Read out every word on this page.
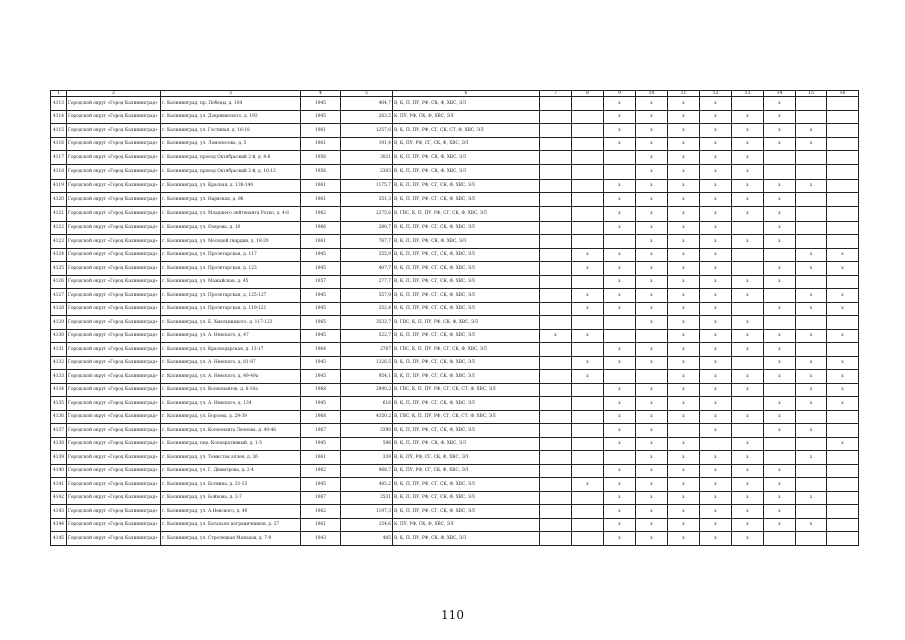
1	2	3	4	5	6	7	8	9	10	11	12	13	14	15	16
4113	Городской округ «Город Калининград»	г. Калининград, пр. Победы, д. 104	1945	404,7	В, К, П, ПУ, РФ, СК, Ф, ХВС, ЭЛ			x	x	x	x		x		
4114	Городской округ «Город Калининград»	г. Калининград, ул. Дзержинского, д. 193	1945	263,5	К, ПУ, РФ, СК, Ф, ХВС, ЭЛ			x	x	x	x	x	x		
4115	Городской округ «Город Калининград»	г. Калининград, ул. Гостиная, д. 16-18	1961	1257,6	В, К, П, ПУ, РФ, СГ, СК, СТ, Ф, ХВС, ЭЛ			x	x	x	x	x	x	x	
4116	Городской округ «Город Калининград»	г. Калининград, ул. Ломоносова, д. 5	1961	191,4	В, К, ПУ, РФ, СГ, СК, Ф, ХВС, ЭЛ			x	x	x	x	x	x	x	
4117	Городской округ «Город Калининград»	г. Калининград, проезд Октябрьский 2-й, д. 4-8	1956	3021	В, К, П, ПУ, РФ, СК, Ф, ХВС, ЭЛ				x	x	x	x			
4118	Городской округ «Город Калининград»	г. Калининград, проезд Октябрьский 2-й, д. 10-12	1956	2303	В, К, П, ПУ, РФ, СК, Ф, ХВС, ЭЛ				x	x	x	x			
4119	Городской округ «Город Калининград»	г. Калининград, ул. Красная, д. 138-140	1961	1175,7	В, К, П, ПУ, РФ, СГ, СК, Ф, ХВС, ЭЛ			x	x	x	x	x	x	x	
4120	Городской округ «Город Калининград»	г. Калининград, ул. Нарвская, д. 96	1961	351,3	В, К, П, ПУ, РФ, СГ, СК, Ф, ХВС, ЭЛ			x	x	x	x	x	x		
4121	Городской округ «Город Калининград»	г. Калининград, ул. Младшего лейтенанта Ротко, д. 4-8	1962	2275,6	В, ГВС, К, П, ПУ, РФ, СГ, СК, Ф, ХВС, ЭЛ			x	x	x	x	x	x		
4122	Городской округ «Город Калининград»	г. Калининград, ул. Озерова, д. 10	1966	280,7	В, К, П, ПУ, РФ, СГ, СК, Ф, ХВС, ЭЛ			x	x	x	x		x		
4123	Городской округ «Город Калининград»	г. Калининград, ул. Молодой гвардии, д. 18-20	1961	767,7	В, К, П, ПУ, РФ, СК, Ф, ХВС, ЭЛ				x	x	x	x	x		
4124	Городской округ «Город Калининград»	г. Калининград, ул. Пролетарская, д. 117	1945	355,9	В, К, П, ПУ, РФ, СГ, СК, Ф, ХВС, ЭЛ		x	x	x	x	x			x	x
4125	Городской округ «Город Калининград»	г. Калининград, ул. Пролетарская, д. 123	1945	407,7	В, К, П, ПУ, РФ, СГ, СК, Ф, ХВС, ЭЛ		x	x	x	x	x		x	x	x
4126	Городской округ «Город Калининград»	г. Калининград, ул. Мажайская, д. 45	1957	277,7	В, К, П, ПУ, РФ, СГ, СК, Ф, ХВС, ЭЛ			x	x	x	x	x	x		
4127	Городской округ «Город Калининград»	г. Калининград, ул. Пролетарская, д. 125-127	1945	557,9	В, К, П, ПУ, РФ, СГ, СК, Ф, ХВС, ЭЛ		x	x	x	x	x	x		x	x
4128	Городской округ «Город Калининград»	г. Калининград, ул. Пролетарская, д. 119-121	1945	352,4	В, К, П, ПУ, РФ, СГ, СК, Ф, ХВС, ЭЛ		x	x	x	x	x		x	x	x
4129	Городской округ «Город Калининград»	г. Калининград, ул. Б. Хмельницкого, д. 117-123	1965	3532,7	В, ГВС, К, П, ПУ, РФ, СК, Ф, ХВС, ЭЛ				x	x	x	x			
4130	Городской округ «Город Калининград»	г. Калининград, ул. А. Невского, д. 47	1945	522,7	В, К, П, ПУ, РФ, СГ, СК, Ф, ХВС, ЭЛ	x	x			x	x	x	x	x	x
4131	Городской округ «Город Калининград»	г. Калининград, ул. Краснодарская, д. 13-17	1964	2767	В, ГВС, К, П, ПУ, РФ, СГ, СК, Ф, ХВС, ЭЛ			x	x	x	x	x	x		
4132	Городской округ «Город Калининград»	г. Калининград, ул. А. Невского, д. 81-87	1945	1326,5	В, К, П, ПУ, РФ, СГ, СК, Ф, ХВС, ЭЛ		x	x	x	x	x		x	x	x
4133	Городской округ «Город Калининград»	г. Калининград, ул. А. Невского, д. 49-49а	1945	954,1	В, К, П, ПУ, РФ, СГ, СК, Ф, ХВС, ЭЛ		x			x	x	x	x	x	x
4134	Городской округ «Город Калининград»	г. Калининград, ул. Космонавтов, д. 6-10а	1968	2990,2	В, ГВС, К, П, ПУ, РФ, СГ, СК, СТ, Ф, ХВС, ЭЛ			x	x	x	x	x		x	x
4135	Городской округ «Город Калининград»	г. Калининград, ул. А. Невского, д. 134	1945	618	В, К, П, ПУ, РФ, СГ, СК, Ф, ХВС, ЭЛ			x	x	x	x		x	x	x
4136	Городской округ «Город Калининград»	г. Калининград, ул. Борзова, д. 29-39	1968	4350,2	В, ГВС, К, П, ПУ, РФ, СГ, СК, СТ, Ф, ХВС, ЭЛ			x	x	x	x	x	x		
4137	Городской округ «Город Калининград»	г. Калининград, ул. Космонавта Леонова, д. 40-46	1967	3390	В, К, П, ПУ, РФ, СГ, СК, Ф, ХВС, ЭЛ			x	x		x		x	x	
4138	Городской округ «Город Калининград»	г. Калининград, пер. Кооперативный, д. 1-5	1945	596	В, К, П, ПУ, РФ, СК, Ф, ХВС, ЭЛ			x	x	x		x			x
4139	Городской округ «Город Калининград»	г. Калининград, ул. Томистая аллея, д. 26	1961	339	В, К, ПУ, РФ, СГ, СК, Ф, ХВС, ЭЛ				x	x	x	x		x	
4140	Городской округ «Город Калининград»	г. Калининград, ул. Г. Димитрова, д. 2-4	1962	968,7	В, К, ПУ, РФ, СГ, СК, Ф, ХВС, ЭЛ			x	x	x	x	x	x		
4141	Городской округ «Город Калининград»	г. Калининград, ул. Ботвина, д. 31-33	1945	485,2	В, К, П, ПУ, РФ, СГ, СК, Ф, ХВС, ЭЛ		x	x	x	x	x	x	x		
4142	Городской округ «Город Калининград»	г. Калининград, ул. Бойкова, д. 2-7	1967	2531	В, К, П, ПУ, РФ, СГ, СК, Ф, ХВС, ЭЛ			x	x	x	x	x	x	x	
4143	Городской округ «Город Калининград»	г. Калининград, ул. А.Невского, д. 40	1962	1197,3	В, К, П, ПУ, РФ, СГ, СК, Ф, ХВС, ЭЛ			x	x	x	x	x	x		
4144	Городской округ «Город Калининград»	г. Калининград, ул. Батальон пограничников, д. 27	1961	154,6	К, ПУ, РФ, СК, Ф, ХВС, ЭЛ			x	x	x	x	x	x	x	
4145	Городской округ «Город Калининград»	г. Калининград, ул. Стрелецкая Монахов, д. 7-9	1943	405	В, К, П, ПУ, РФ, СК, Ф, ХВС, ЭЛ			x	x	x	x	x			
110
